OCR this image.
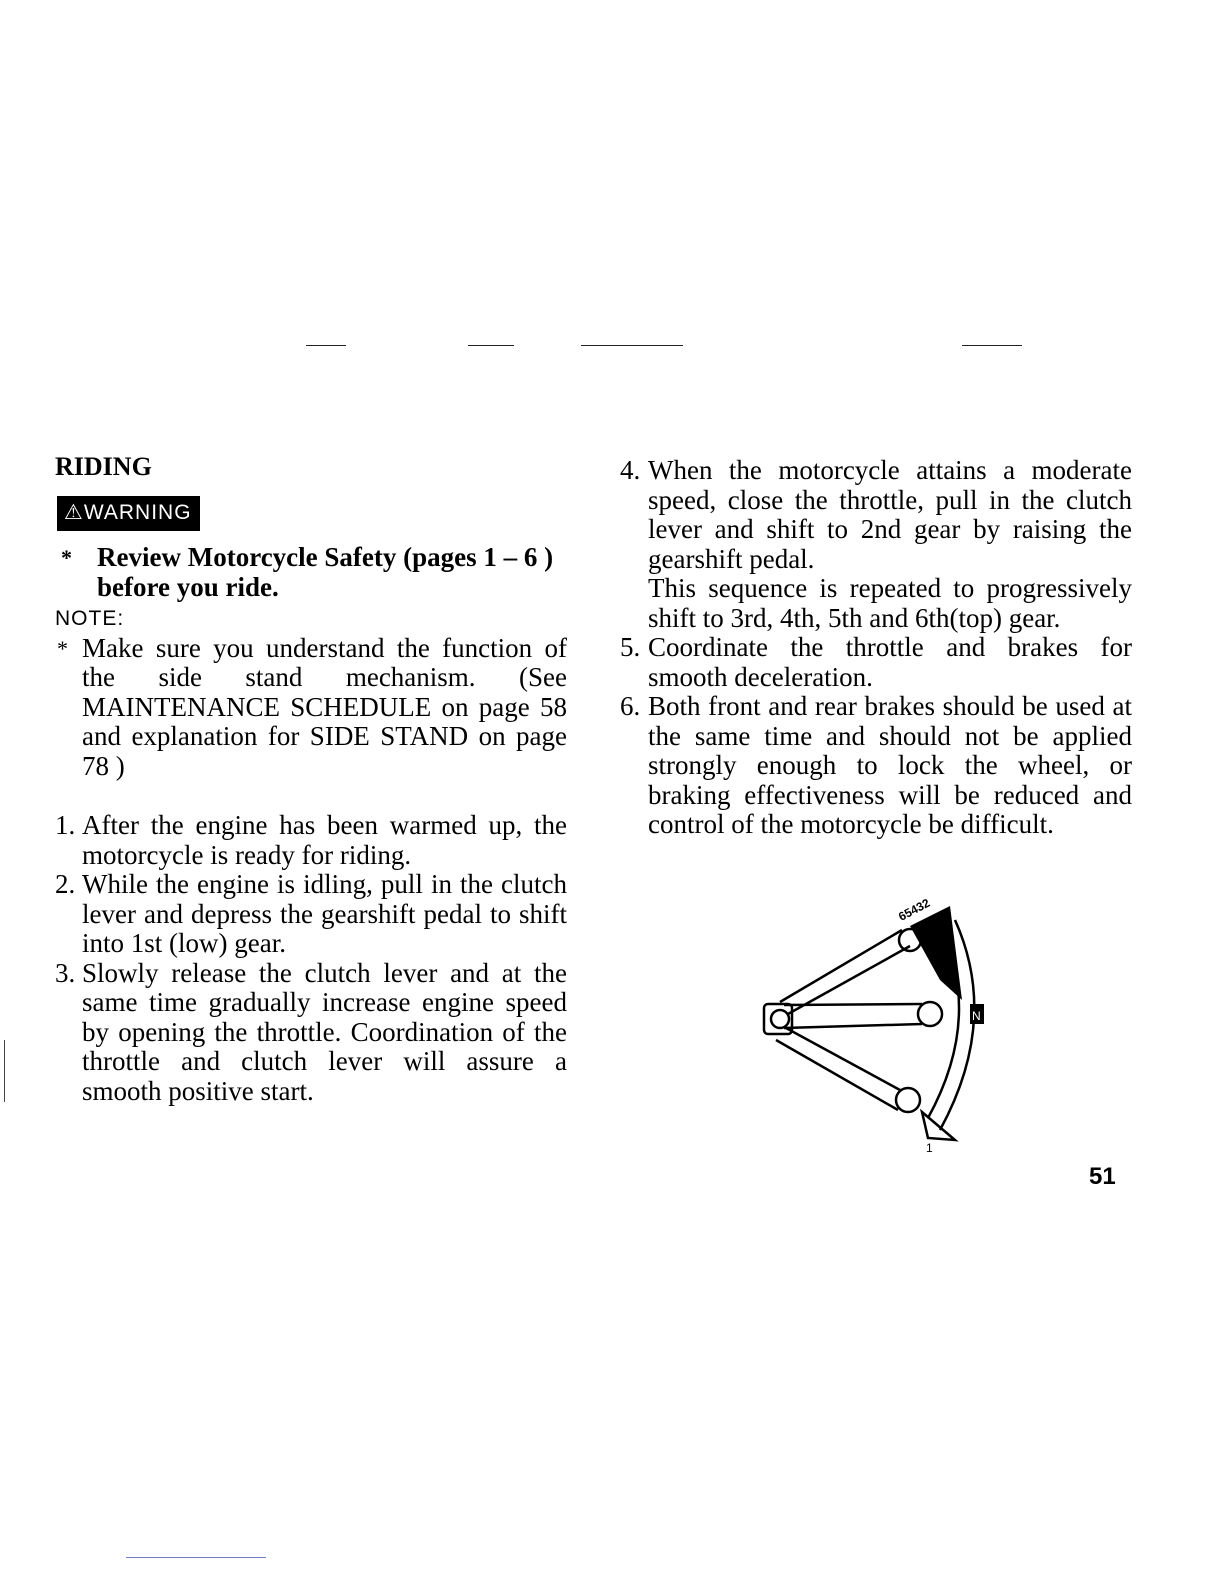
RIDING
⚠WARNING
* Review Motorcycle Safety (pages 1 – 6 ) before you ride.
NOTE:
* Make sure you understand the function of the side stand mechanism. (See MAINTENANCE SCHEDULE on page 58 and explanation for SIDE STAND on page 78 )
1. After the engine has been warmed up, the motorcycle is ready for riding.
2. While the engine is idling, pull in the clutch lever and depress the gearshift pedal to shift into 1st (low) gear.
3. Slowly release the clutch lever and at the same time gradually increase engine speed by opening the throttle. Coordination of the throttle and clutch lever will assure a smooth positive start.
4. When the motorcycle attains a moderate speed, close the throttle, pull in the clutch lever and shift to 2nd gear by raising the gearshift pedal.
This sequence is repeated to progressively shift to 3rd, 4th, 5th and 6th(top) gear.
5. Coordinate the throttle and brakes for smooth deceleration.
6. Both front and rear brakes should be used at the same time and should not be applied strongly enough to lock the wheel, or braking effectiveness will be reduced and control of the motorcycle be difficult.
65432
N
1
51
